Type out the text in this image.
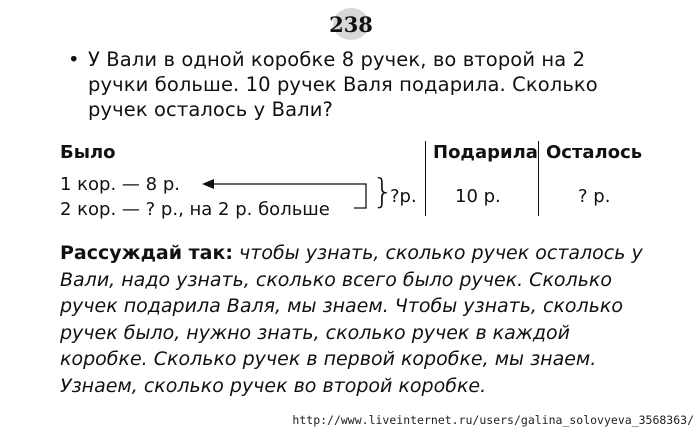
238
• У Вали в одной коробке 8 ручек, во второй на 2 ручки больше. 10 ручек Валя подарила. Сколько ручек осталось у Вали?
Было	Подарила Осталось
1 кор. — 8 р.
2 кор. — ? р., на 2 р. больше }
?р. 10 р.	? р.
Рассуждай так: чтобы узнать, сколько ручек осталось у Вали, надо узнать, сколько всего было ручек. Сколько ручек подарила Валя, мы знаем. Чтобы узнать, сколько ручек было, нужно знать, сколько ручек в каждой коробке. Сколько ручек в первой коробке, мы знаем. Узнаем, сколько ручек во второй коробке.
http://www.liveinternet.ru/users/galina_solovyeva_3568363/
